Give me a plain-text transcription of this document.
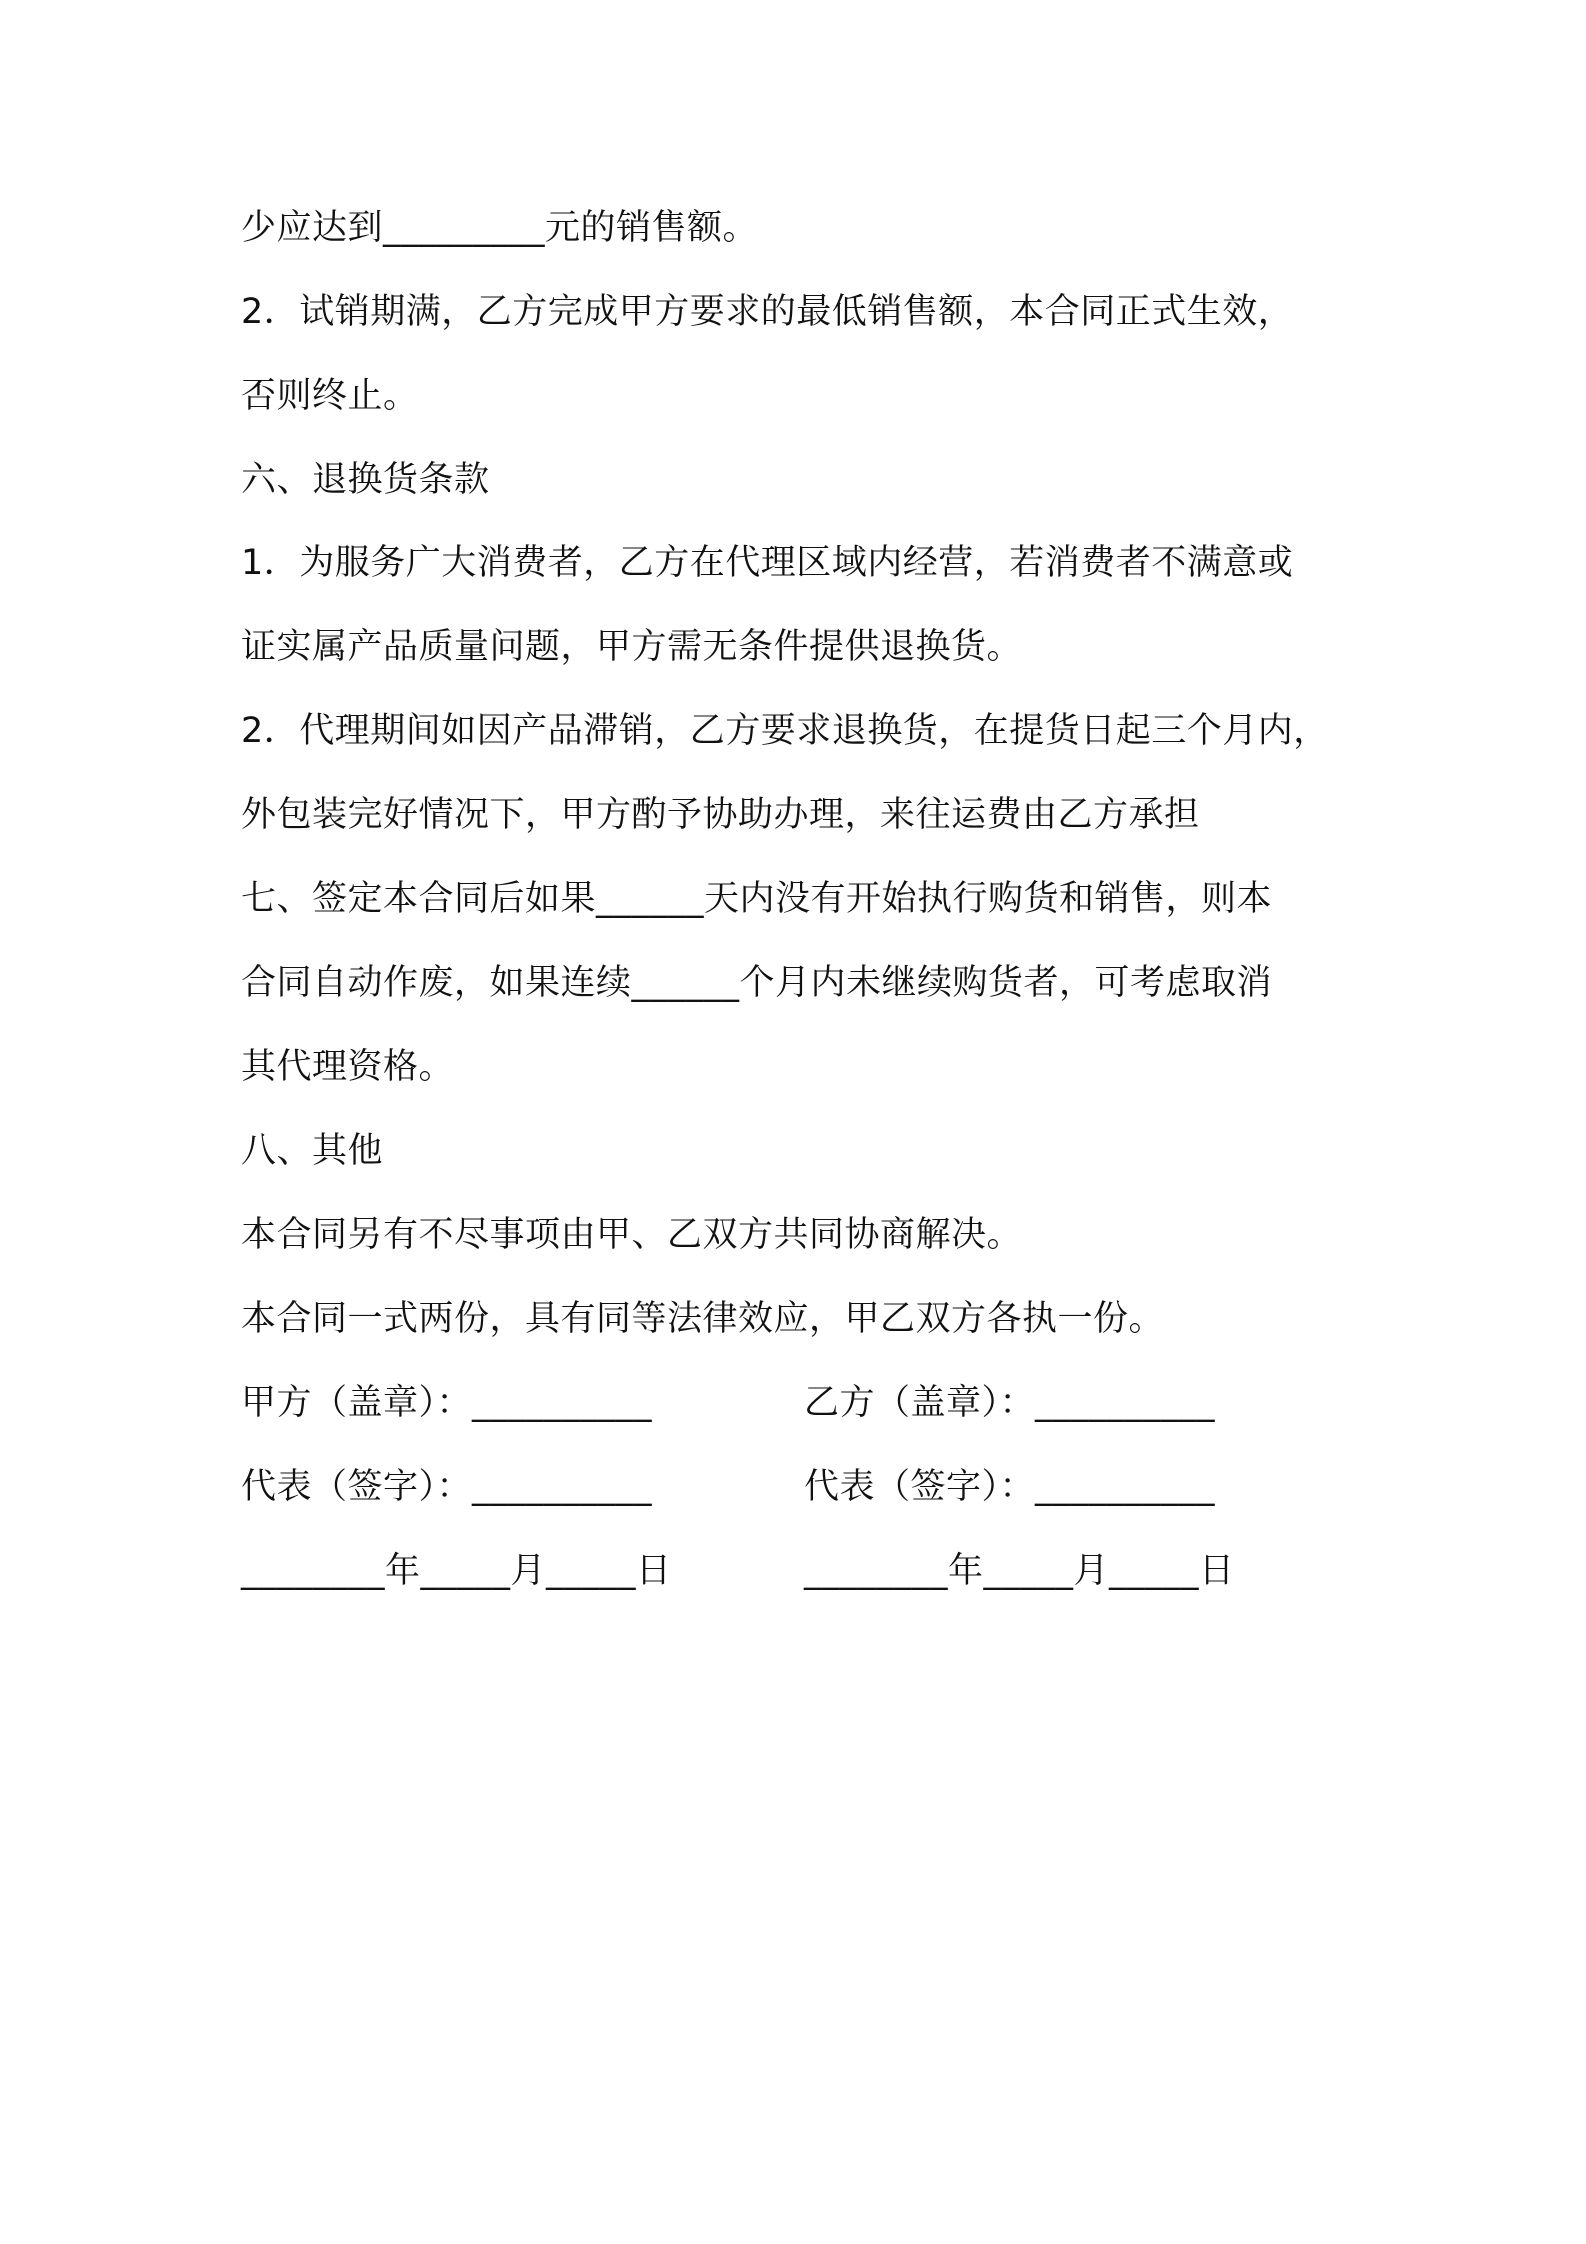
少应达到_________元的销售额。
2．试销期满，乙方完成甲方要求的最低销售额，本合同正式生效，
否则终止。
六、退换货条款
1．为服务广大消费者，乙方在代理区域内经营，若消费者不满意或
证实属产品质量问题，甲方需无条件提供退换货。
2．代理期间如因产品滞销，乙方要求退换货，在提货日起三个月内，
外包装完好情况下，甲方酌予协助办理，来往运费由乙方承担
七、签定本合同后如果______天内没有开始执行购货和销售，则本
合同自动作废，如果连续______个月内未继续购货者，可考虑取消
其代理资格。
八、其他
本合同另有不尽事项由甲、乙双方共同协商解决。
本合同一式两份，具有同等法律效应，甲乙双方各执一份。
甲方（盖章）：__________	乙方（盖章）：__________
代表（签字）：__________	代表（签字）：__________
________年_____月_____日	________年_____月_____日
